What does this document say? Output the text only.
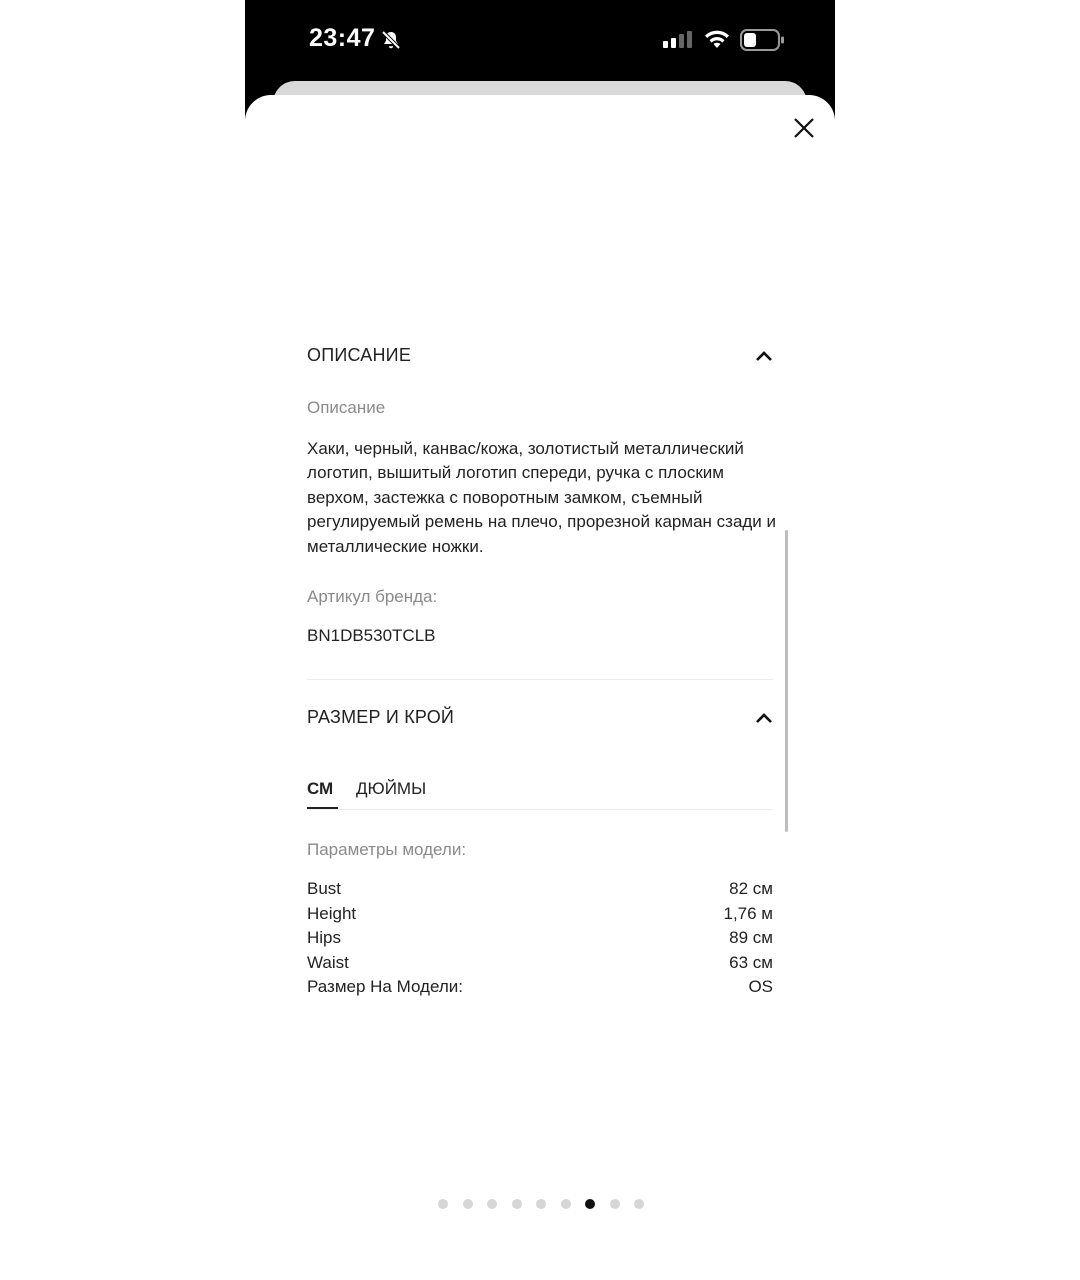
23:47
ОПИСАНИЕ
Описание
Хаки, черный, канвас/кожа, золотистый металлический логотип, вышитый логотип спереди, ручка с плоским верхом, застежка с поворотным замком, съемный регулируемый ремень на плечо, прорезной карман сзади и металлические ножки.
Артикул бренда:
BN1DB530TCLB
РАЗМЕР И КРОЙ
СМ ДЮЙМЫ
Параметры модели:
Bust	82 см
Height	1,76 м
Hips	89 см
Waist	63 см
Размер На Модели:	OS
